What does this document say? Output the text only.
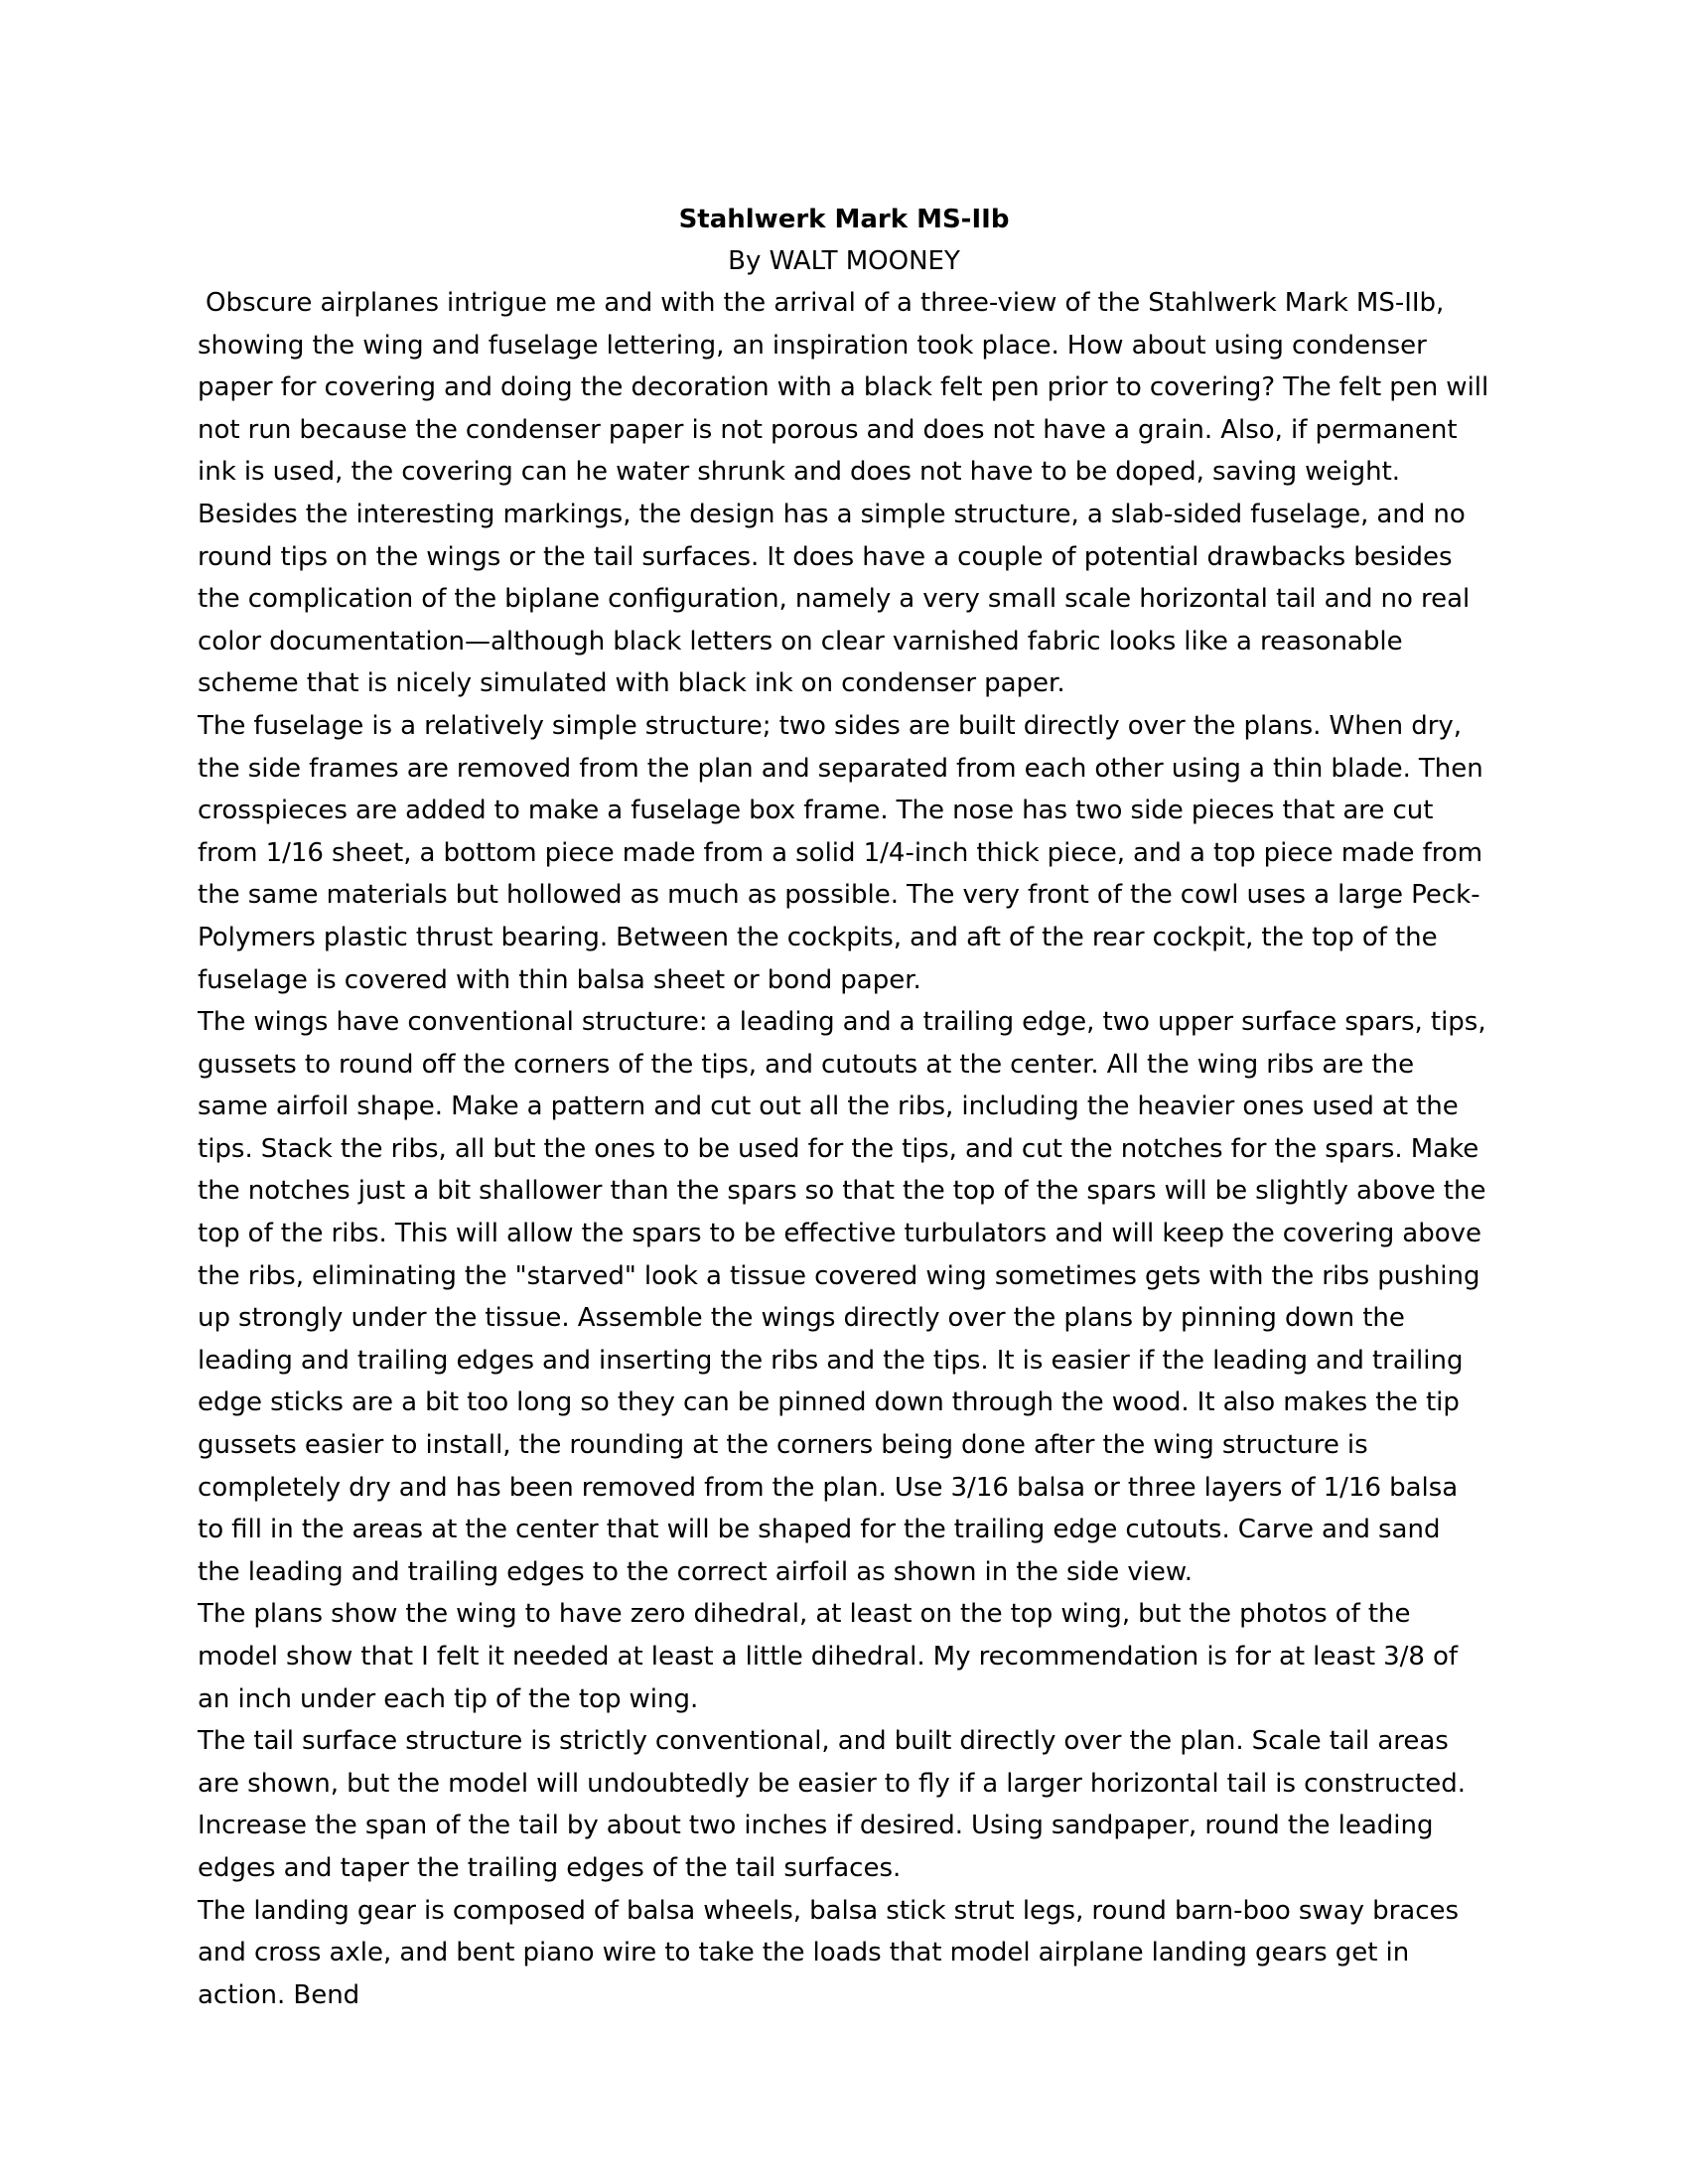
Stahlwerk Mark MS-IIb

By WALT MOONEY

Obscure airplanes intrigue me and with the arrival of a three-view of the Stahlwerk Mark MS-IIb, showing the wing and fuselage lettering, an inspiration took place. How about using condenser paper for covering and doing the decoration with a black felt pen prior to covering? The felt pen will not run because the condenser paper is not porous and does not have a grain. Also, if permanent ink is used, the covering can he water shrunk and does not have to be doped, saving weight.

Besides the interesting markings, the design has a simple structure, a slab-sided fuselage, and no round tips on the wings or the tail surfaces. It does have a couple of potential drawbacks besides the complication of the biplane configuration, namely a very small scale horizontal tail and no real color documentation—although black letters on clear varnished fabric looks like a reasonable scheme that is nicely simulated with black ink on condenser paper.

The fuselage is a relatively simple structure; two sides are built directly over the plans. When dry, the side frames are removed from the plan and separated from each other using a thin blade. Then crosspieces are added to make a fuselage box frame. The nose has two side pieces that are cut from 1/16 sheet, a bottom piece made from a solid 1/4-inch thick piece, and a top piece made from the same materials but hollowed as much as possible. The very front of the cowl uses a large Peck-Polymers plastic thrust bearing. Between the cockpits, and aft of the rear cockpit, the top of the fuselage is covered with thin balsa sheet or bond paper.

The wings have conventional structure: a leading and a trailing edge, two upper surface spars, tips, gussets to round off the corners of the tips, and cutouts at the center. All the wing ribs are the same airfoil shape. Make a pattern and cut out all the ribs, including the heavier ones used at the tips. Stack the ribs, all but the ones to be used for the tips, and cut the notches for the spars. Make the notches just a bit shallower than the spars so that the top of the spars will be slightly above the top of the ribs. This will allow the spars to be effective turbulators and will keep the covering above the ribs, eliminating the "starved" look a tissue covered wing sometimes gets with the ribs pushing up strongly under the tissue. Assemble the wings directly over the plans by pinning down the leading and trailing edges and inserting the ribs and the tips. It is easier if the leading and trailing edge sticks are a bit too long so they can be pinned down through the wood. It also makes the tip gussets easier to install, the rounding at the corners being done after the wing structure is completely dry and has been removed from the plan. Use 3/16 balsa or three layers of 1/16 balsa to fill in the areas at the center that will be shaped for the trailing edge cutouts. Carve and sand the leading and trailing edges to the correct airfoil as shown in the side view.

The plans show the wing to have zero dihedral, at least on the top wing, but the photos of the model show that I felt it needed at least a little dihedral. My recommendation is for at least 3/8 of an inch under each tip of the top wing.

The tail surface structure is strictly conventional, and built directly over the plan. Scale tail areas are shown, but the model will undoubtedly be easier to fly if a larger horizontal tail is constructed. Increase the span of the tail by about two inches if desired. Using sandpaper, round the leading edges and taper the trailing edges of the tail surfaces.

The landing gear is composed of balsa wheels, balsa stick strut legs, round barn-boo sway braces and cross axle, and bent piano wire to take the loads that model airplane landing gears get in action. Bend
